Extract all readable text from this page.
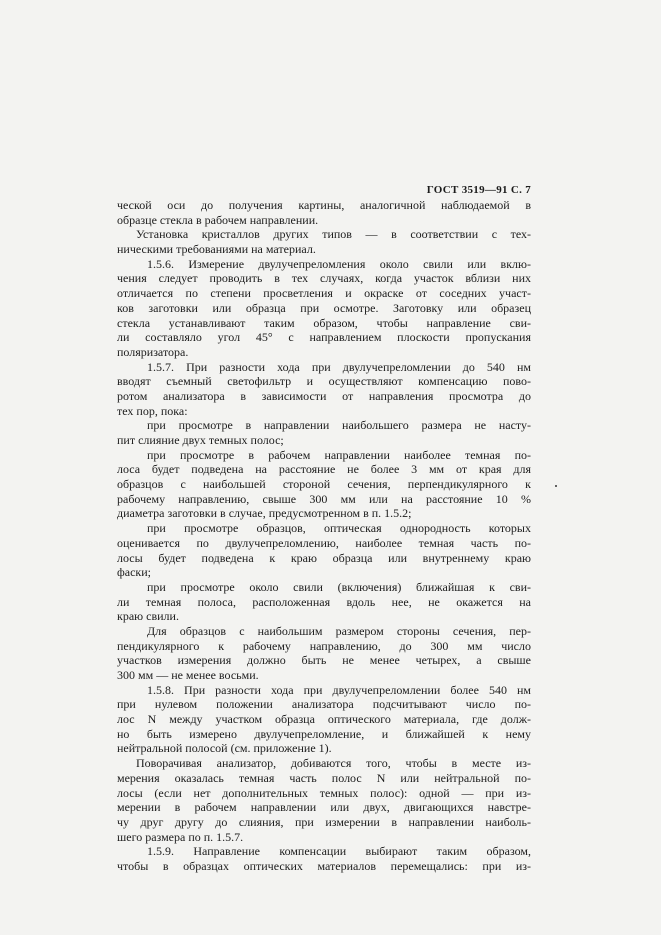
ГОСТ 3519—91 С. 7
ческой оси до получения картины, аналогичной наблюдаемой в
образце стекла в рабочем направлении.
Установка кристаллов других типов — в соответствии с тех-
ническими требованиями на материал.
1.5.6. Измерение двулучепреломления около свили или вклю-
чения следует проводить в тех случаях, когда участок вблизи них
отличается по степени просветления и окраске от соседних участ-
ков заготовки или образца при осмотре. Заготовку или образец
стекла устанавливают таким образом, чтобы направление сви-
ли составляло угол 45° с направлением плоскости пропускания
поляризатора.
1.5.7. При разности хода при двулучепреломлении до 540 нм
вводят съемный светофильтр и осуществляют компенсацию пово-
ротом анализатора в зависимости от направления просмотра до
тех пор, пока:
при просмотре в направлении наибольшего размера не насту-
пит слияние двух темных полос;
при просмотре в рабочем направлении наиболее темная по-
лоса будет подведена на расстояние не более 3 мм от края для
образцов с наибольшей стороной сечения, перпендикулярного к
рабочему направлению, свыше 300 мм или на расстояние 10 %
диаметра заготовки в случае, предусмотренном в п. 1.5.2;
при просмотре образцов, оптическая однородность которых
оценивается по двулучепреломлению, наиболее темная часть по-
лосы будет подведена к краю образца или внутреннему краю
фаски;
при просмотре около свили (включения) ближайшая к сви-
ли темная полоса, расположенная вдоль нее, не окажется на
краю свили.
Для образцов с наибольшим размером стороны сечения, пер-
пендикулярного к рабочему направлению, до 300 мм число
участков измерения должно быть не менее четырех, а свыше
300 мм — не менее восьми.
1.5.8. При разности хода при двулучепреломлении более 540 нм
при нулевом положении анализатора подсчитывают число по-
лос N между участком образца оптического материала, где долж-
но быть измерено двулучепреломление, и ближайшей к нему
нейтральной полосой (см. приложение 1).
Поворачивая анализатор, добиваются того, чтобы в месте из-
мерения оказалась темная часть полос N или нейтральной по-
лосы (если нет дополнительных темных полос): одной — при из-
мерении в рабочем направлении или двух, двигающихся навстре-
чу друг другу до слияния, при измерении в направлении наиболь-
шего размера по п. 1.5.7.
1.5.9. Направление компенсации выбирают таким образом,
чтобы в образцах оптических материалов перемещались: при из-
